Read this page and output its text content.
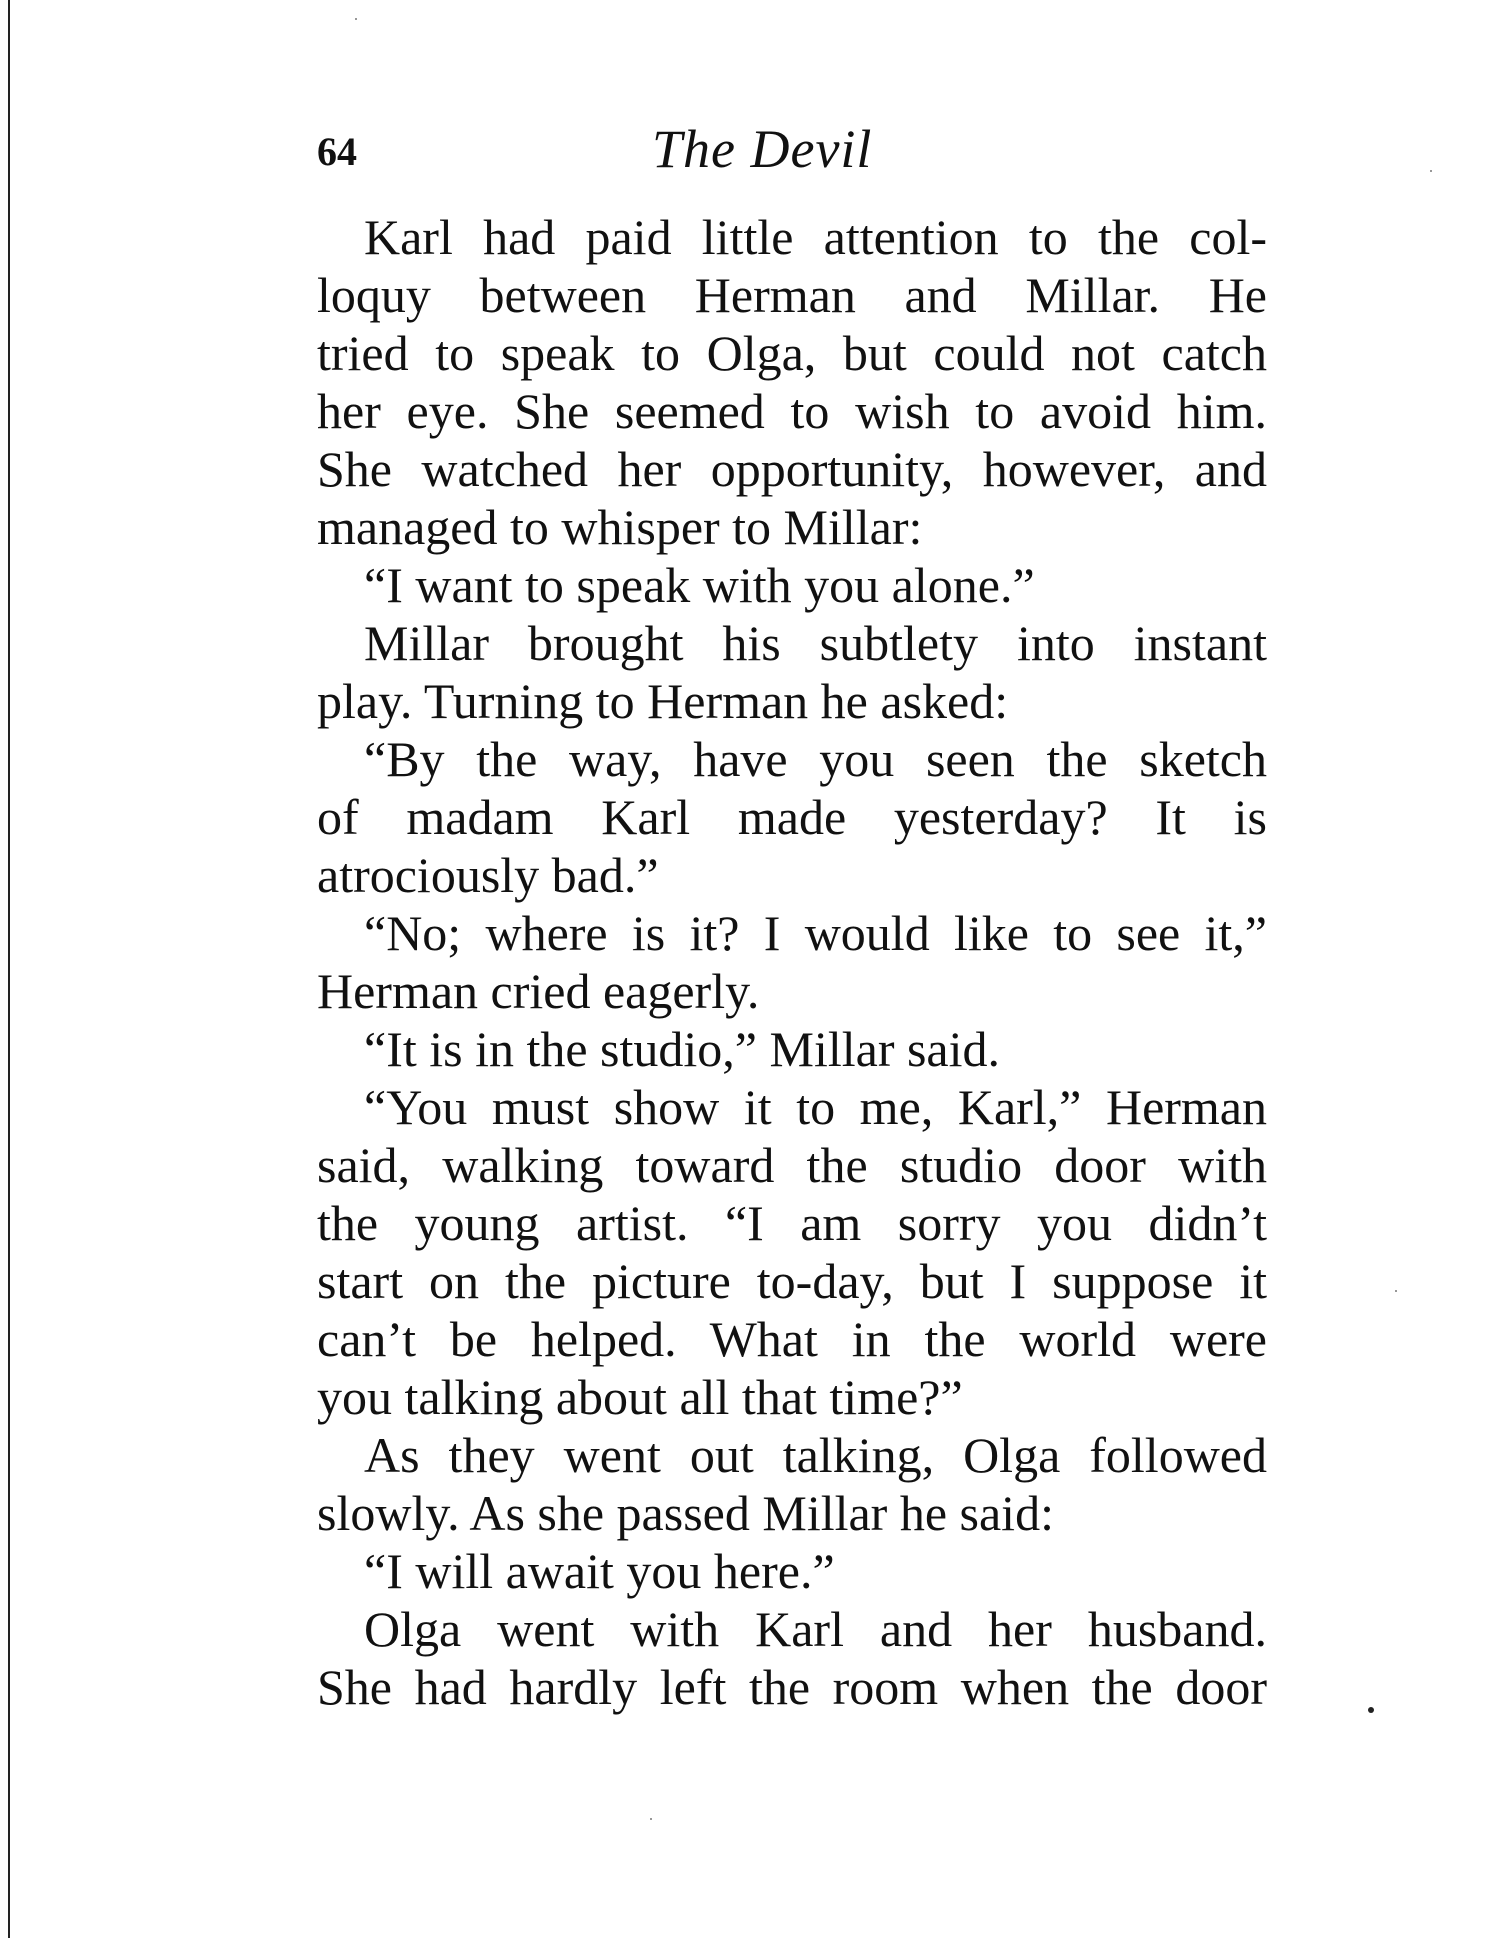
64	The Devil
Karl had paid little attention to the col-
loquy between Herman and Millar. He
tried to speak to Olga, but could not catch
her eye. She seemed to wish to avoid him.
She watched her opportunity, however, and
managed to whisper to Millar:
“I want to speak with you alone.”
Millar brought his subtlety into instant
play. Turning to Herman he asked:
“By the way, have you seen the sketch
of madam Karl made yesterday? It is
atrociously bad.”
“No; where is it? I would like to see it,”
Herman cried eagerly.
“It is in the studio,” Millar said.
“You must show it to me, Karl,” Herman
said, walking toward the studio door with
the young artist. “I am sorry you didn’t
start on the picture to-day, but I suppose it
can’t be helped. What in the world were
you talking about all that time?”
As they went out talking, Olga followed
slowly. As she passed Millar he said:
“I will await you here.”
Olga went with Karl and her husband.
She had hardly left the room when the door
